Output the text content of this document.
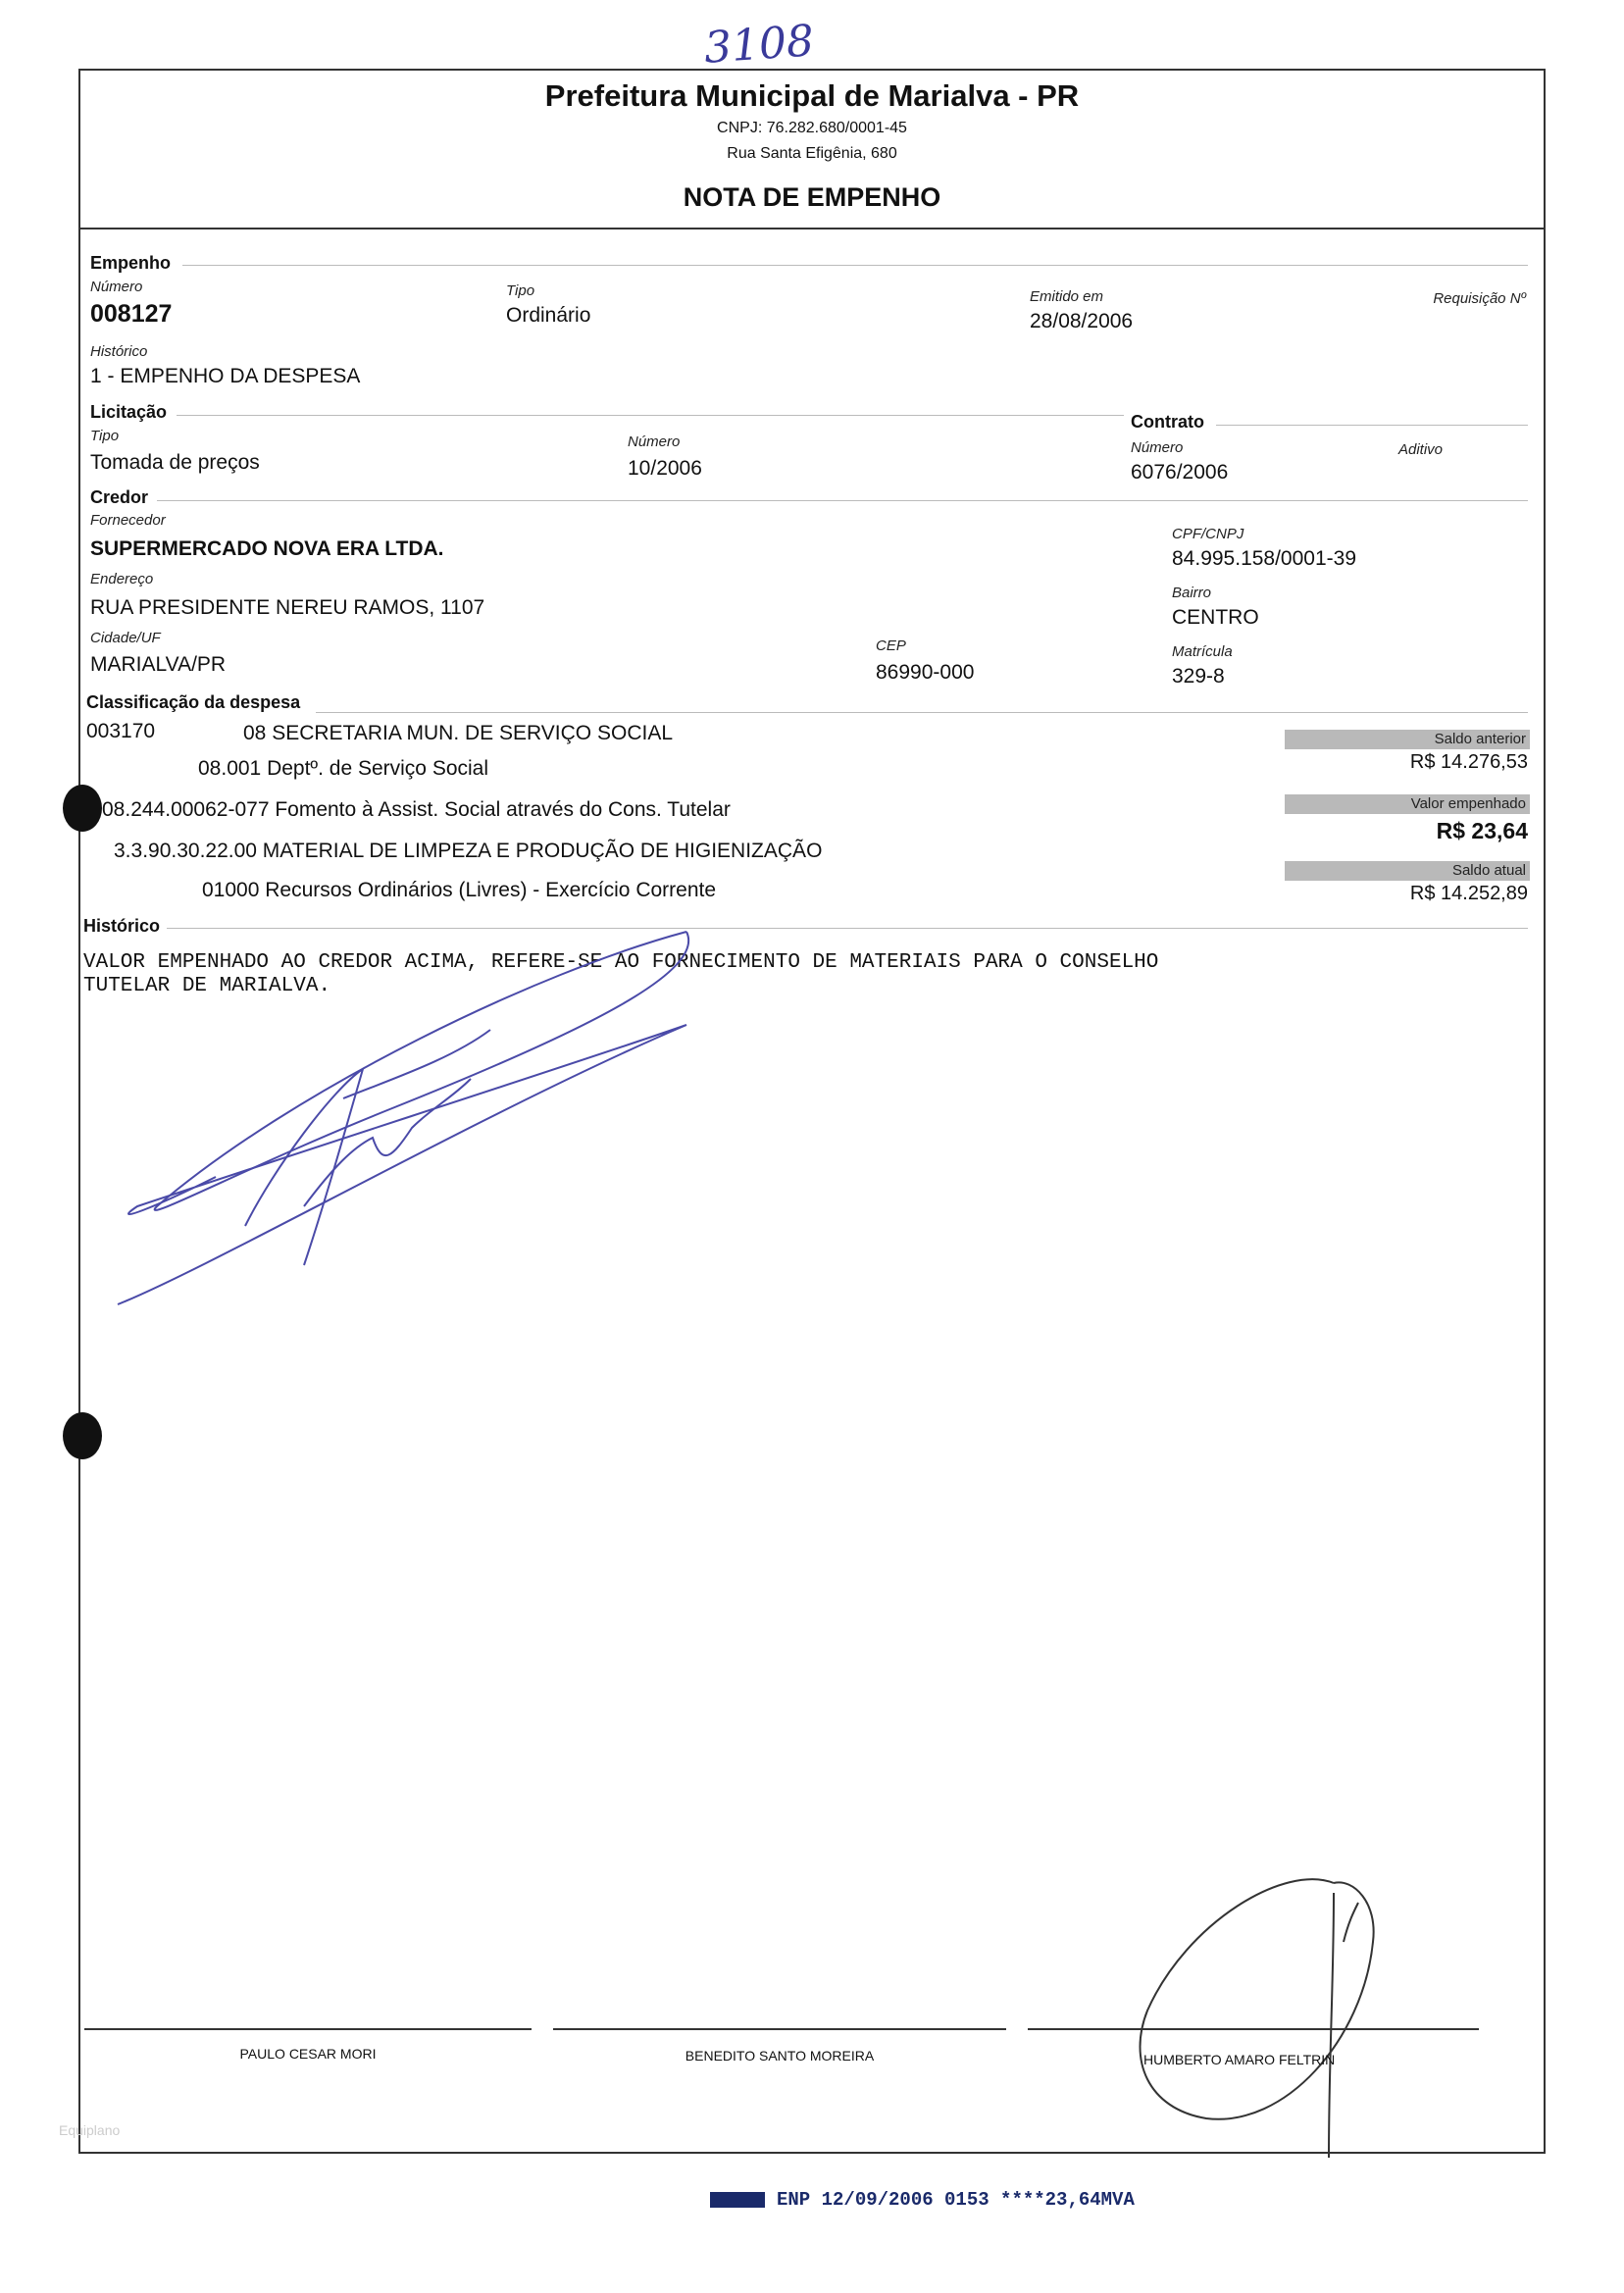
3108
Prefeitura Municipal de Marialva - PR
CNPJ: 76.282.680/0001-45
Rua Santa Efigênia, 680
NOTA DE EMPENHO
Empenho
Número
008127
Tipo
Ordinário
Emitido em
28/08/2006
Requisição Nº
Histórico
1 - EMPENHO DA DESPESA
Licitação
Tipo
Tomada de preços
Número
10/2006
Contrato
Número
6076/2006
Aditivo
Credor
Fornecedor
SUPERMERCADO NOVA ERA LTDA.
CPF/CNPJ
84.995.158/0001-39
Endereço
RUA PRESIDENTE NEREU RAMOS, 1107
Bairro
CENTRO
Cidade/UF
MARIALVA/PR
CEP
86990-000
Matrícula
329-8
Classificação da despesa
003170	08 SECRETARIA MUN. DE SERVIÇO SOCIAL
08.001 Deptº. de Serviço Social
08.244.00062-077 Fomento à Assist. Social através do Cons. Tutelar
3.3.90.30.22.00 MATERIAL DE LIMPEZA E PRODUÇÃO DE HIGIENIZAÇÃO
01000 Recursos Ordinários (Livres) - Exercício Corrente
Saldo anterior
R$ 14.276,53
Valor empenhado
R$ 23,64
Saldo atual
R$ 14.252,89
Histórico
VALOR EMPENHADO AO CREDOR ACIMA, REFERE-SE AO FORNECIMENTO DE MATERIAIS PARA O CONSELHO
TUTELAR DE MARIALVA.
PAULO CESAR MORI	BENEDITO SANTO MOREIRA	HUMBERTO AMARO FELTRIN
Equiplano
ENP 12/09/2006 0153 ****23,64MVA
